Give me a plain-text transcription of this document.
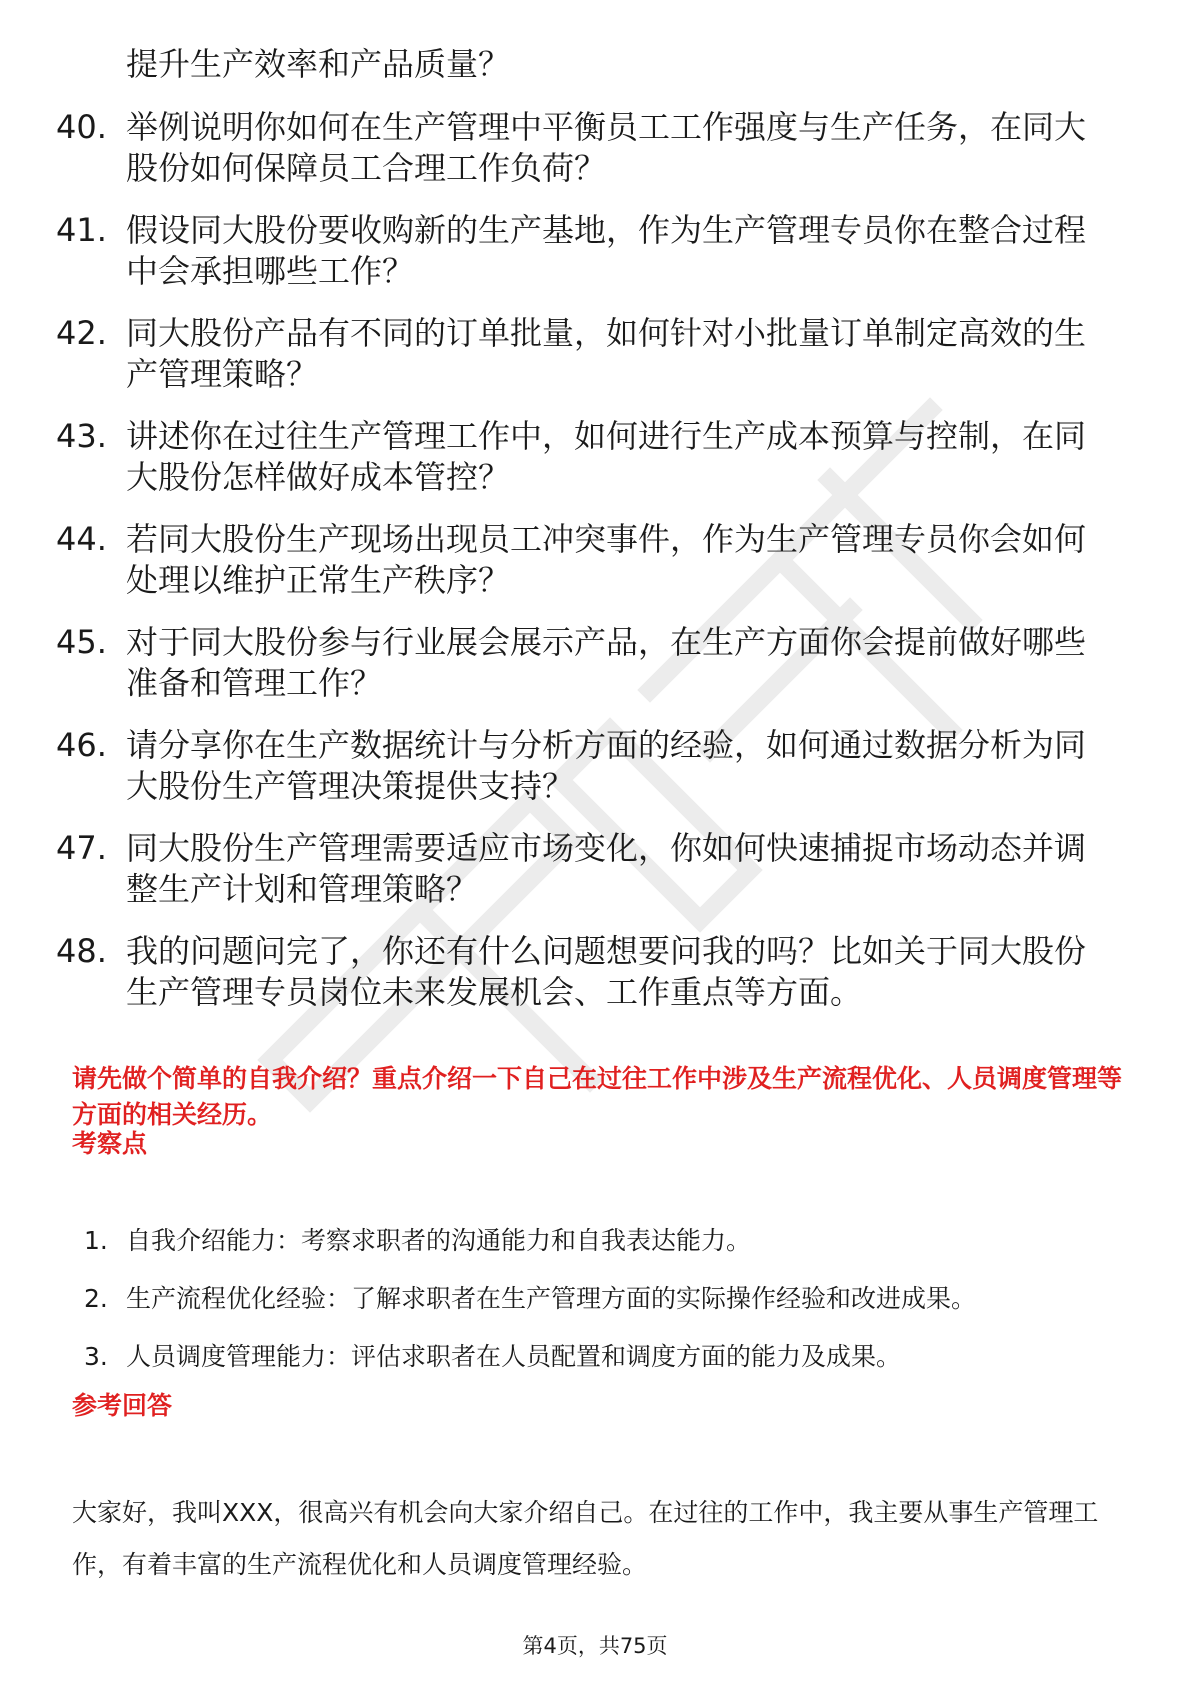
提升生产效率和产品质量？
40. 举例说明你如何在生产管理中平衡员工工作强度与生产任务，在同大股份如何保障员工合理工作负荷？
41. 假设同大股份要收购新的生产基地，作为生产管理专员你在整合过程中会承担哪些工作？
42. 同大股份产品有不同的订单批量，如何针对小批量订单制定高效的生产管理策略？
43. 讲述你在过往生产管理工作中，如何进行生产成本预算与控制，在同大股份怎样做好成本管控？
44. 若同大股份生产现场出现员工冲突事件，作为生产管理专员你会如何处理以维护正常生产秩序？
45. 对于同大股份参与行业展会展示产品，在生产方面你会提前做好哪些准备和管理工作？
46. 请分享你在生产数据统计与分析方面的经验，如何通过数据分析为同大股份生产管理决策提供支持？
47. 同大股份生产管理需要适应市场变化，你如何快速捕捉市场动态并调整生产计划和管理策略？
48. 我的问题问完了，你还有什么问题想要问我的吗？比如关于同大股份生产管理专员岗位未来发展机会、工作重点等方面。
请先做个简单的自我介绍？重点介绍一下自己在过往工作中涉及生产流程优化、人员调度管理等方面的相关经历。
考察点
1. 自我介绍能力：考察求职者的沟通能力和自我表达能力。
2. 生产流程优化经验：了解求职者在生产管理方面的实际操作经验和改进成果。
3. 人员调度管理能力：评估求职者在人员配置和调度方面的能力及成果。
参考回答
大家好，我叫XXX，很高兴有机会向大家介绍自己。在过往的工作中，我主要从事生产管理工作，有着丰富的生产流程优化和人员调度管理经验。
第4页，共75页
